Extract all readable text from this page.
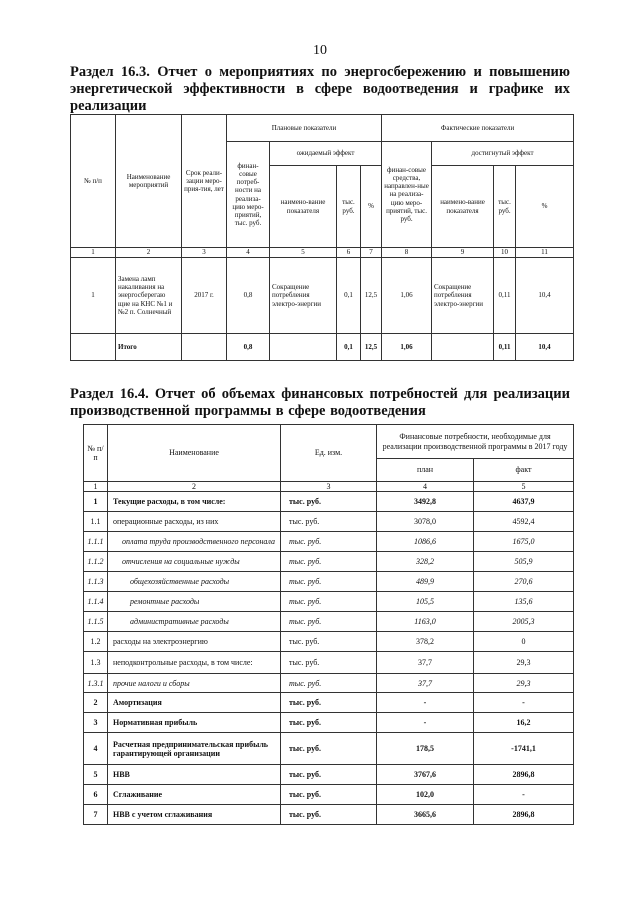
10
Раздел 16.3. Отчет о мероприятиях по энергосбережению и повышению энергетической эффективности в сфере водоотведения и графике их реализации
№ п/п	Наименование мероприятий	Срок реали-зации меро-прия-тия, лет	Плановые показатели				Фактические показатели			
			финан-совые потреб-ности на реализа-цию меро-приятий, тыс. руб.	ожидаемый эффект			финан-совые средства, направлен-ные на реализа-цию меро-приятий, тыс. руб.	достигнутый эффект		
				наимено-вание показателя	тыс. руб.	%		наимено-вание показателя	тыс. руб.	%
1	2	3	4	5	6	7	8	9	10	11
1	Замена ламп накаливания на энергосберегаю щие на КНС №1 и №2 п. Солнечный	2017 г.	0,8	Сокращение потребления электро-энергии	0,1	12,5	1,06	Сокращение потребления электро-энергии	0,11	10,4
	Итого		0,8		0,1	12,5	1,06		0,11	10,4
Раздел 16.4. Отчет об объемах финансовых потребностей для реализации производственной программы в сфере водоотведения
№ п/п	Наименование	Ед. изм.	Финансовые потребности, необходимые для реализации производственной программы в 2017 году	
			план	факт
1	2	3	4	5
1	Текущие расходы, в том числе:	тыс. руб.	3492,8	4637,9
1.1	операционные расходы, из них	тыс. руб.	3078,0	4592,4
1.1.1	оплата труда производственного персонала	тыс. руб.	1086,6	1675,0
1.1.2	отчисления на социальные нужды	тыс. руб.	328,2	505,9
1.1.3	общехозяйственные расходы	тыс. руб.	489,9	270,6
1.1.4	ремонтные расходы	тыс. руб.	105,5	135,6
1.1.5	административные расходы	тыс. руб.	1163,0	2005,3
1.2	расходы на электроэнергию	тыс. руб.	378,2	0
1.3	неподконтрольные расходы, в том числе:	тыс. руб.	37,7	29,3
1.3.1	прочие налоги и сборы	тыс. руб.	37,7	29,3
2	Амортизация	тыс. руб.	-	-
3	Нормативная прибыль	тыс. руб.	-	16,2
4	Расчетная предпринимательская прибыль гарантирующей организации	тыс. руб.	178,5	-1741,1
5	НВВ	тыс. руб.	3767,6	2896,8
6	Сглаживание	тыс. руб.	102,0	-
7	НВВ с учетом сглаживания	тыс. руб.	3665,6	2896,8
